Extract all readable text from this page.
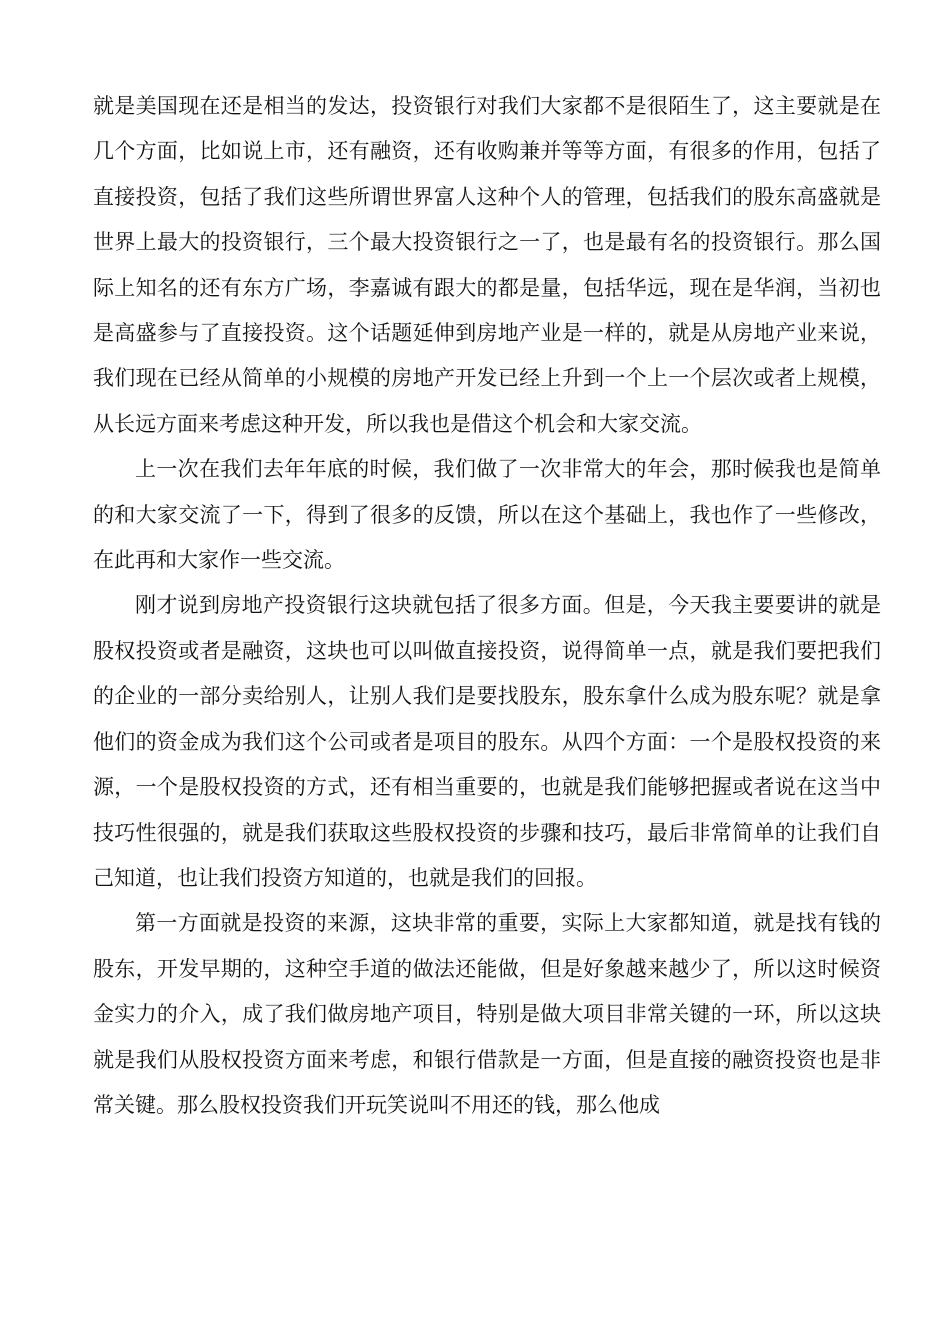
就是美国现在还是相当的发达，投资银行对我们大家都不是很陌生了，这主要就是在几个方面，比如说上市，还有融资，还有收购兼并等等方面，有很多的作用，包括了直接投资，包括了我们这些所谓世界富人这种个人的管理，包括我们的股东高盛就是世界上最大的投资银行，三个最大投资银行之一了，也是最有名的投资银行。那么国际上知名的还有东方广场，李嘉诚有跟大的都是量，包括华远，现在是华润，当初也是高盛参与了直接投资。这个话题延伸到房地产业是一样的，就是从房地产业来说，我们现在已经从简单的小规模的房地产开发已经上升到一个上一个层次或者上规模，从长远方面来考虑这种开发，所以我也是借这个机会和大家交流。

上一次在我们去年年底的时候，我们做了一次非常大的年会，那时候我也是简单的和大家交流了一下，得到了很多的反馈，所以在这个基础上，我也作了一些修改，在此再和大家作一些交流。

刚才说到房地产投资银行这块就包括了很多方面。但是，今天我主要要讲的就是股权投资或者是融资，这块也可以叫做直接投资，说得简单一点，就是我们要把我们的企业的一部分卖给别人，让别人我们是要找股东，股东拿什么成为股东呢？就是拿他们的资金成为我们这个公司或者是项目的股东。从四个方面：一个是股权投资的来源，一个是股权投资的方式，还有相当重要的，也就是我们能够把握或者说在这当中技巧性很强的，就是我们获取这些股权投资的步骤和技巧，最后非常简单的让我们自己知道，也让我们投资方知道的，也就是我们的回报。

第一方面就是投资的来源，这块非常的重要，实际上大家都知道，就是找有钱的股东，开发早期的，这种空手道的做法还能做，但是好象越来越少了，所以这时候资金实力的介入，成了我们做房地产项目，特别是做大项目非常关键的一环，所以这块就是我们从股权投资方面来考虑，和银行借款是一方面，但是直接的融资投资也是非常关键。那么股权投资我们开玩笑说叫不用还的钱，那么他成
